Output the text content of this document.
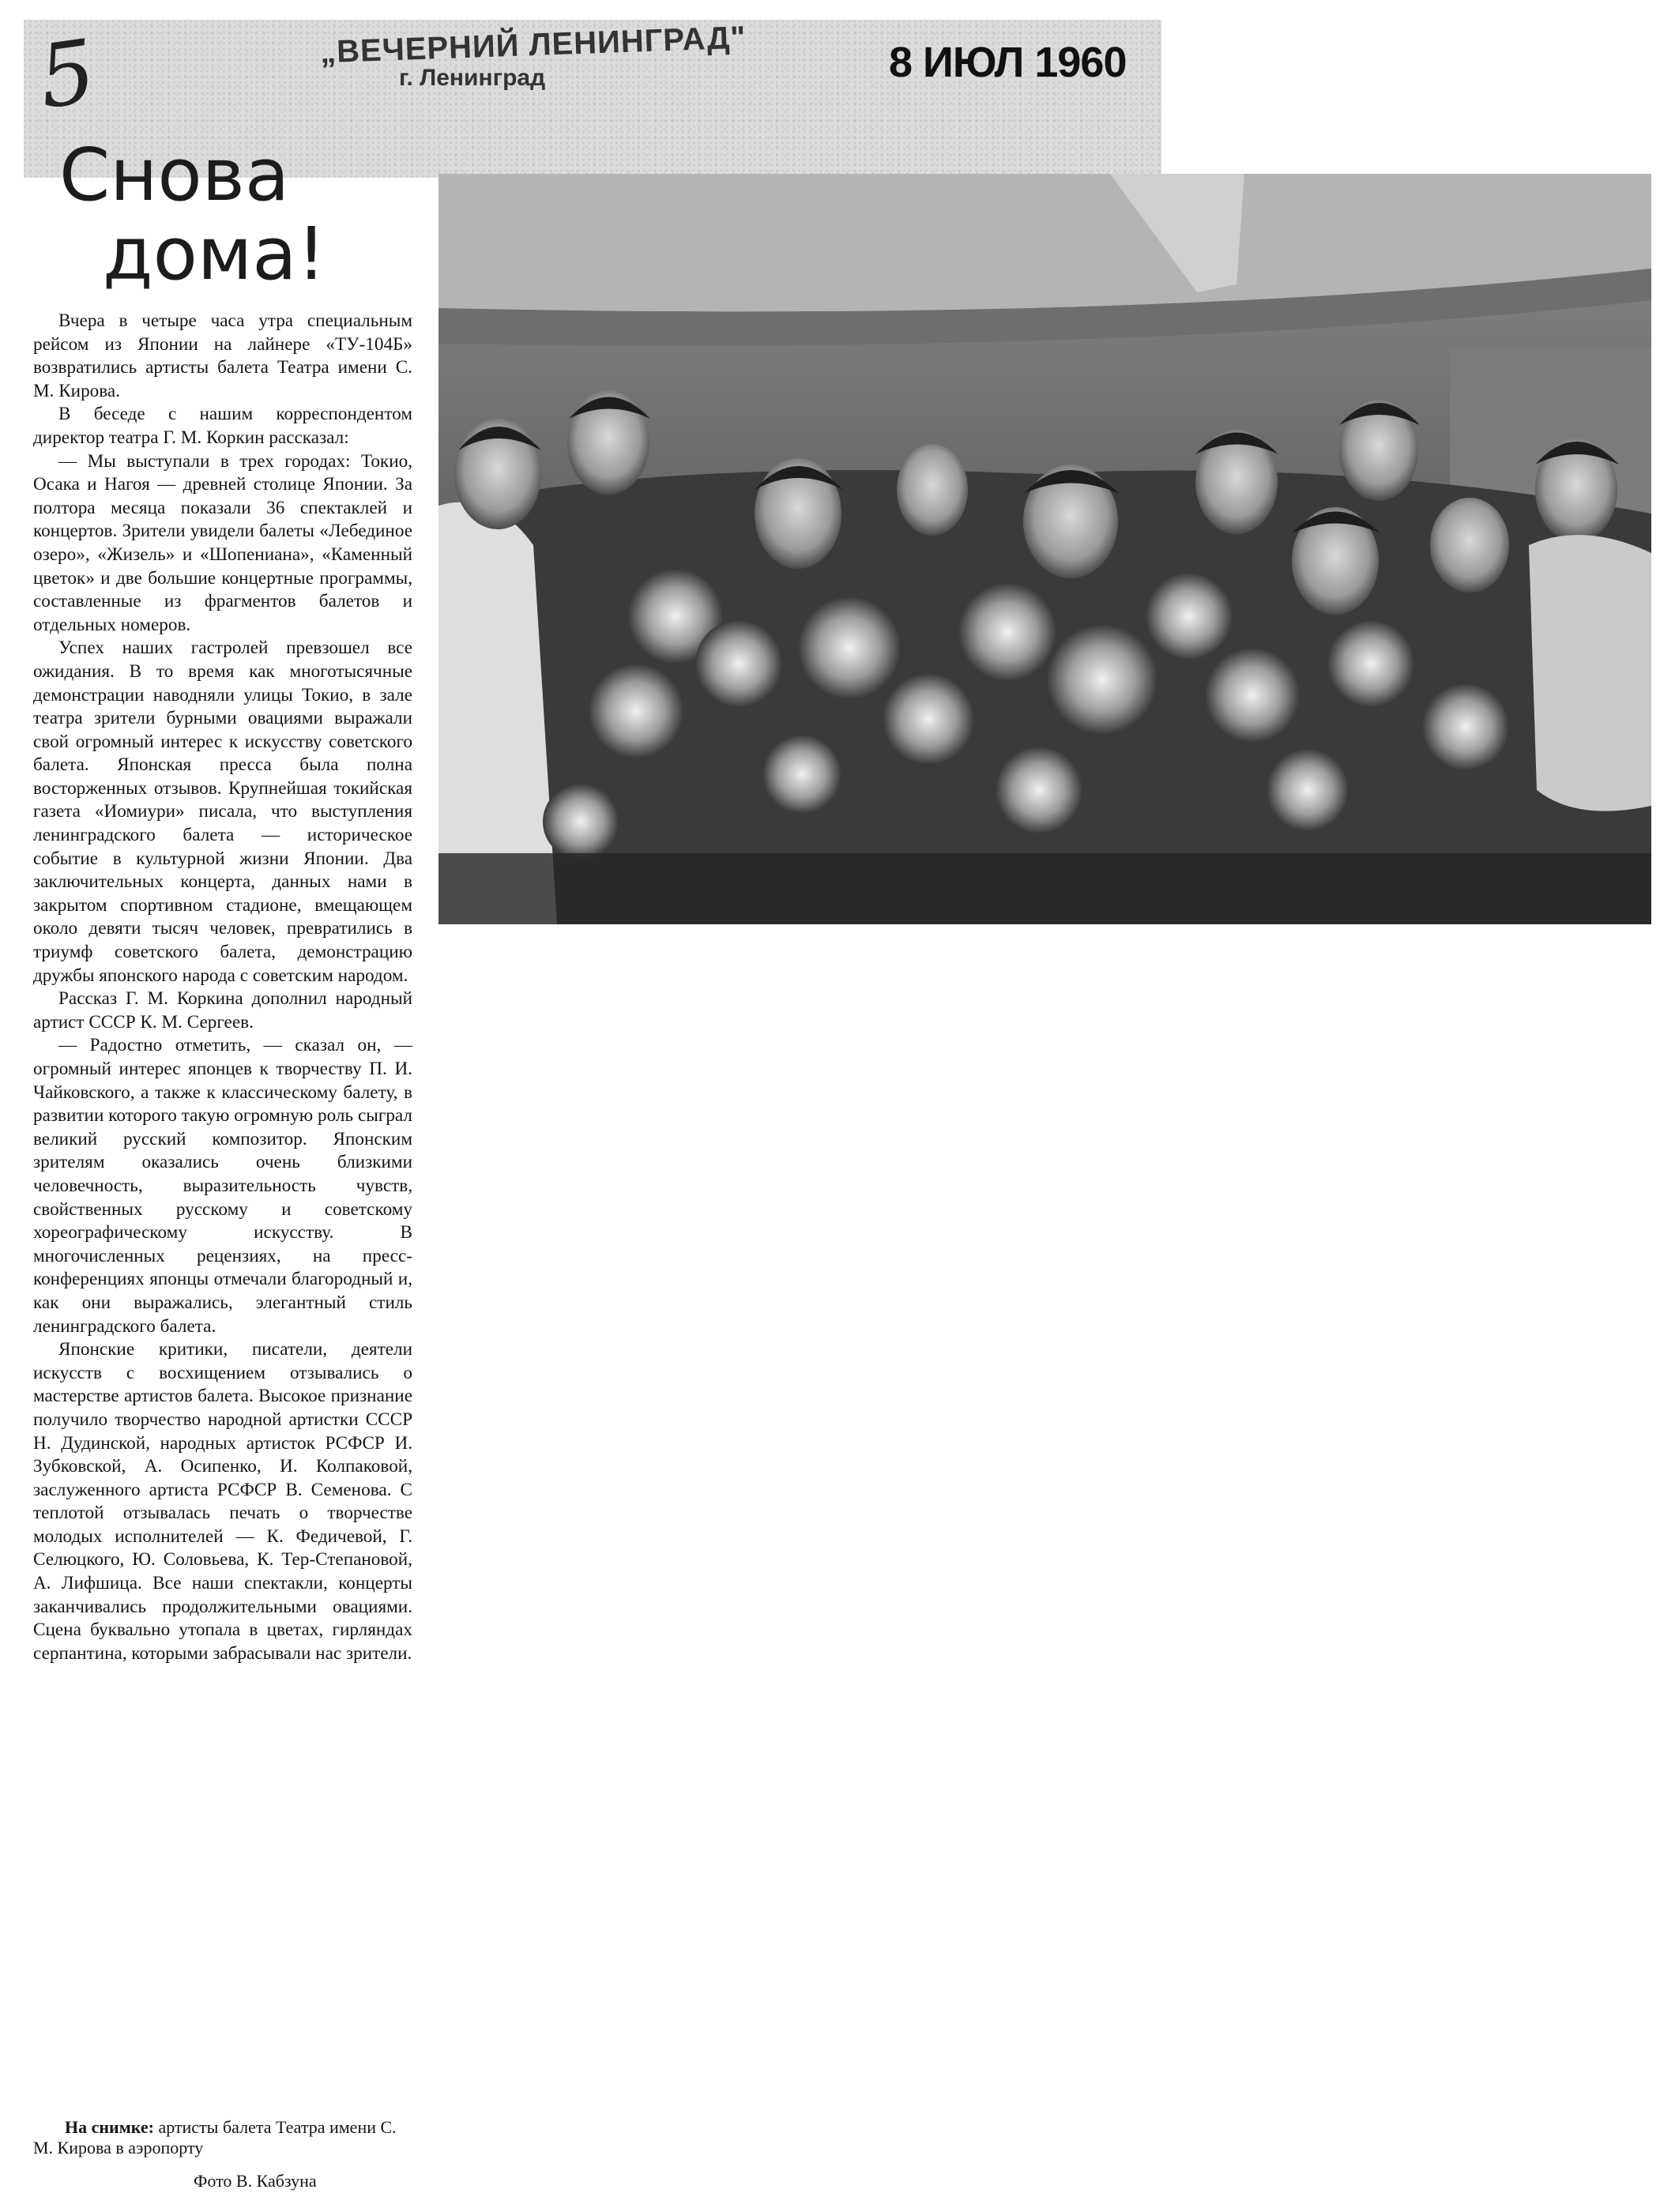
5	„ВЕЧЕРНИЙ ЛЕНИНГРАД"
г. Ленинград	8 ИЮЛ 1960
Снова
дома!

Вчера в четыре часа утра специальным рейсом из Японии на лайнере «ТУ-104Б» возвратились артисты балета Театра имени С. М. Кирова.

В беседе с нашим корреспондентом директор театра Г. М. Коркин рассказал:

— Мы выступали в трех городах: Токио, Осака и Нагоя — древней столице Японии. За полтора месяца показали 36 спектаклей и концертов. Зрители увидели балеты «Лебединое озеро», «Жизель» и «Шопениана», «Каменный цветок» и две большие концертные программы, составленные из фрагментов балетов и отдельных номеров.

Успех наших гастролей превзошел все ожидания. В то время как многотысячные демонстрации наводняли улицы Токио, в зале театра зрители бурными овациями выражали свой огромный интерес к искусству советского балета. Японская пресса была полна восторженных отзывов. Крупнейшая токийская газета «Иомиури» писала, что выступления ленинградского балета — историческое событие в культурной жизни Японии. Два заключительных концерта, данных нами в закрытом спортивном стадионе, вмещающем около девяти тысяч человек, превратились в триумф советского балета, демонстрацию дружбы японского народа с советским народом.

Рассказ Г. М. Коркина дополнил народный артист СССР К. М. Сергеев.

— Радостно отметить, — сказал он, — огромный интерес японцев к творчеству П. И. Чайковского, а также к классическому балету, в развитии которого такую огромную роль сыграл великий русский композитор. Японским зрителям оказались очень близкими человечность, выразительность чувств, свойственных русскому и советскому хореографическому искусству. В многочисленных рецензиях, на пресс-конференциях японцы отмечали благородный и, как они выражались, элегантный стиль ленинградского балета.

Японские критики, писатели, деятели искусств с восхищением отзывались о мастерстве артистов балета. Высокое признание получило творчество народной артистки СССР Н. Дудинской, народных артисток РСФСР И. Зубковской, А. Осипенко, И. Колпаковой, заслуженного артиста РСФСР В. Семенова. С теплотой отзывалась печать о творчестве молодых исполнителей — К. Федичевой, Г. Селюцкого, Ю. Соловьева, К. Тер-Степановой, А. Лифшица. Все наши спектакли, концерты заканчивались продолжительными овациями. Сцена буквально утопала в цветах, гирляндах серпантина, которыми забрасывали нас зрители.

На снимке: артисты балета Театра имени С. М. Кирова в аэропорту

Фото В. Кабзуна
